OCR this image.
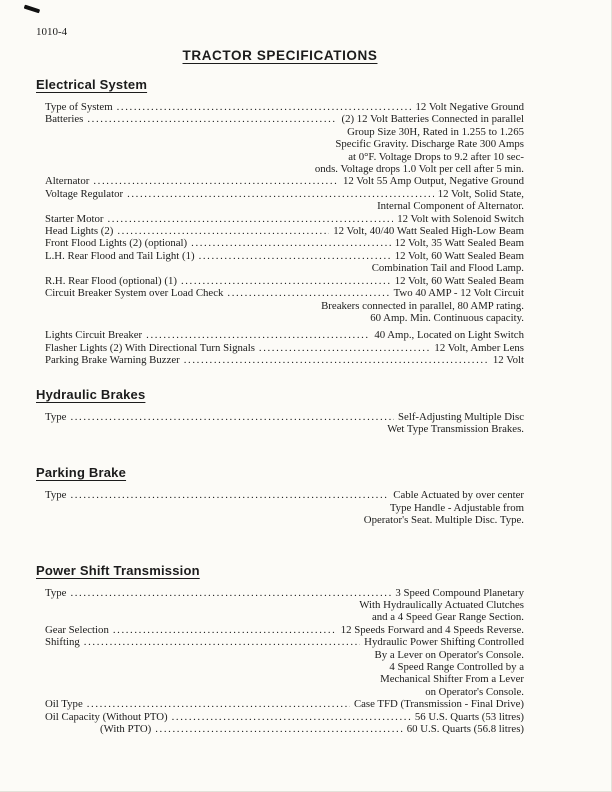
1010-4
TRACTOR SPECIFICATIONS
Electrical System
Type of System .....	12 Volt Negative Ground
Batteries .....	(2) 12 Volt Batteries Connected in parallel
Group Size 30H, Rated in 1.255 to 1.265
Specific Gravity. Discharge Rate 300 Amps
at 0°F. Voltage Drops to 9.2 after 10 sec-
onds. Voltage drops 1.0 Volt per cell after 5 min.
Alternator .....	12 Volt 55 Amp Output, Negative Ground
Voltage Regulator .....	12 Volt, Solid State,
Internal Component of Alternator.
Starter Motor .....	12 Volt with Solenoid Switch
Head Lights (2) .....	12 Volt, 40/40 Watt Sealed High-Low Beam
Front Flood Lights (2) (optional) .....	12 Volt, 35 Watt Sealed Beam
L.H. Rear Flood and Tail Light (1) .....	12 Volt, 60 Watt Sealed Beam
Combination Tail and Flood Lamp.
R.H. Rear Flood (optional) (1) .....	12 Volt, 60 Watt Sealed Beam
Circuit Breaker System over Load Check .....	Two 40 AMP - 12 Volt Circuit
Breakers connected in parallel, 80 AMP rating.
60 Amp. Min. Continuous capacity.
Lights Circuit Breaker .....	40 Amp., Located on Light Switch
Flasher Lights (2) With Directional Turn Signals .....	12 Volt, Amber Lens
Parking Brake Warning Buzzer .....	12 Volt
Hydraulic Brakes
Type .....	Self-Adjusting Multiple Disc
Wet Type Transmission Brakes.
Parking Brake
Type .....	Cable Actuated by over center
Type Handle - Adjustable from
Operator's Seat. Multiple Disc. Type.
Power Shift Transmission
Type .....	3 Speed Compound Planetary
With Hydraulically Actuated Clutches
and a 4 Speed Gear Range Section.
Gear Selection .....	12 Speeds Forward and 4 Speeds Reverse.
Shifting .....	Hydraulic Power Shifting Controlled
By a Lever on Operator's Console.
4 Speed Range Controlled by a
Mechanical Shifter From a Lever
on Operator's Console.
Oil Type .....	Case TFD (Transmission - Final Drive)
Oil Capacity (Without PTO) .....	56 U.S. Quarts (53 litres)
(With PTO) .....	60 U.S. Quarts (56.8 litres)
